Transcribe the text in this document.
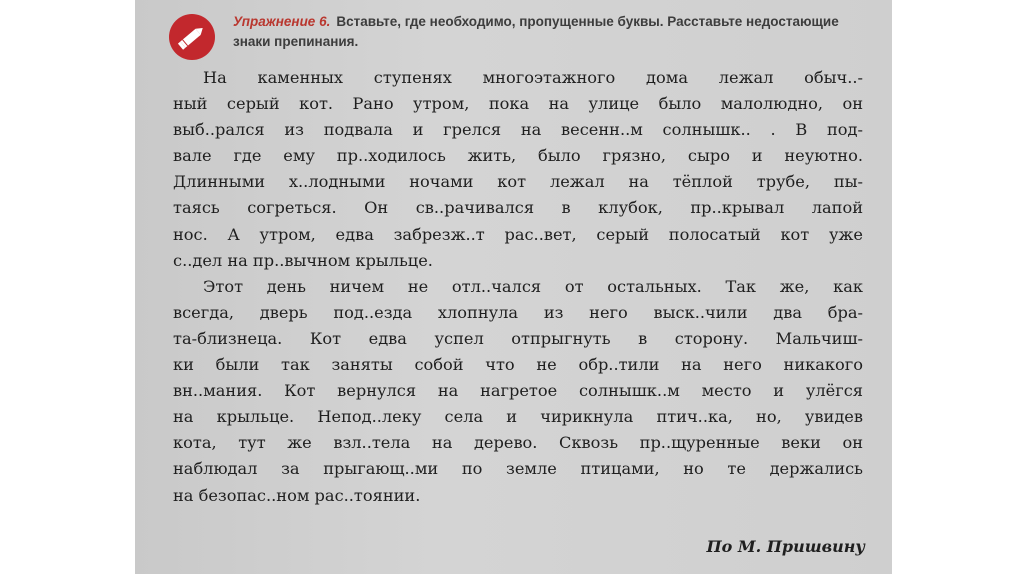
Упражнение 6. Вставьте, где необходимо, пропущенные буквы. Расставьте недостающие знаки препинания.
На каменных ступенях многоэтажного дома лежал обыч..-
ный серый кот. Рано утром, пока на улице было малолюдно, он
выб..рался из подвала и грелся на весенн..м солнышк.. . В под-
вале где ему пр..ходилось жить, было грязно, сыро и неуютно.
Длинными х..лодными ночами кот лежал на тёплой трубе, пы-
таясь согреться. Он св..рачивался в клубок, пр..крывал лапой
нос. А утром, едва забрезж..т рас..вет, серый полосатый кот уже
с..дел на пр..вычном крыльце.
Этот день ничем не отл..чался от остальных. Так же, как
всегда, дверь под..езда хлопнула из него выск..чили два бра-
та-близнеца. Кот едва успел отпрыгнуть в сторону. Мальчиш-
ки были так заняты собой что не обр..тили на него никакого
вн..мания. Кот вернулся на нагретое солнышк..м место и улёгся
на крыльце. Непод..леку села и чирикнула птич..ка, но, увидев
кота, тут же взл..тела на дерево. Сквозь пр..щуренные веки он
наблюдал за прыгающ..ми по земле птицами, но те держались
на безопас..ном рас..тоянии.
По М. Пришвину
